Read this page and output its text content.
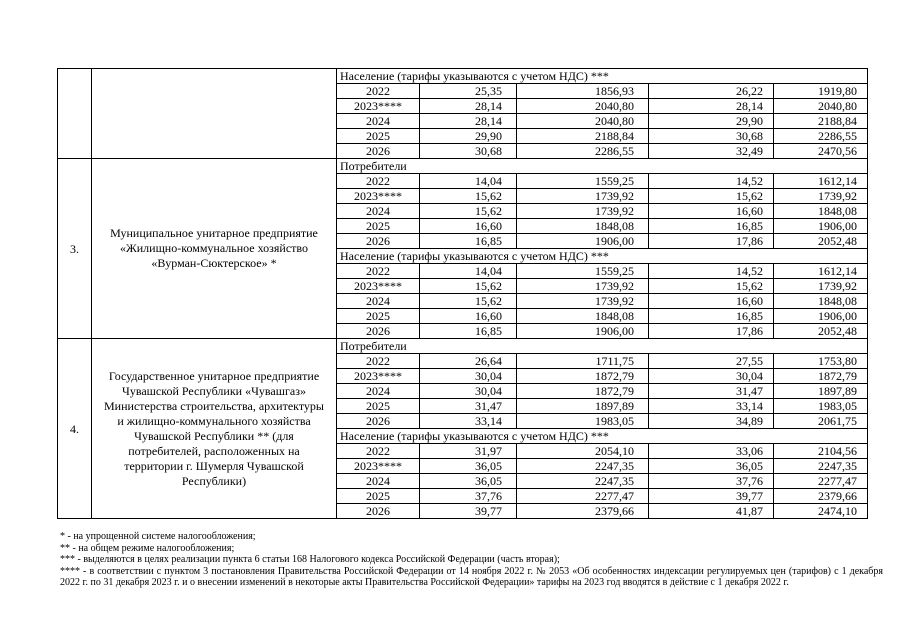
		Население (тарифы указываются с учетом НДС) ***				
		2022	25,35	1856,93	26,22	1919,80
		2023****	28,14	2040,80	28,14	2040,80
		2024	28,14	2040,80	29,90	2188,84
		2025	29,90	2188,84	30,68	2286,55
		2026	30,68	2286,55	32,49	2470,56
3.	Муниципальное унитарное предприятие «Жилищно-коммунальное хозяйство «Вурман-Сюктерское» *	Потребители				
		2022	14,04	1559,25	14,52	1612,14
		2023****	15,62	1739,92	15,62	1739,92
		2024	15,62	1739,92	16,60	1848,08
		2025	16,60	1848,08	16,85	1906,00
		2026	16,85	1906,00	17,86	2052,48
		Население (тарифы указываются с учетом НДС) ***				
		2022	14,04	1559,25	14,52	1612,14
		2023****	15,62	1739,92	15,62	1739,92
		2024	15,62	1739,92	16,60	1848,08
		2025	16,60	1848,08	16,85	1906,00
		2026	16,85	1906,00	17,86	2052,48
4.	Государственное унитарное предприятие Чувашской Республики «Чувашгаз» Министерства строительства, архитектуры и жилищно-коммунального хозяйства Чувашской Республики ** (для потребителей, расположенных на территории г. Шумерля Чувашской Республики)	Потребители				
		2022	26,64	1711,75	27,55	1753,80
		2023****	30,04	1872,79	30,04	1872,79
		2024	30,04	1872,79	31,47	1897,89
		2025	31,47	1897,89	33,14	1983,05
		2026	33,14	1983,05	34,89	2061,75
		Население (тарифы указываются с учетом НДС) ***				
		2022	31,97	2054,10	33,06	2104,56
		2023****	36,05	2247,35	36,05	2247,35
		2024	36,05	2247,35	37,76	2277,47
		2025	37,76	2277,47	39,77	2379,66
		2026	39,77	2379,66	41,87	2474,10
* - на упрощенной системе налогообложения;
** - на общем режиме налогообложения;
*** - выделяются в целях реализации пункта 6 статьи 168 Налогового кодекса Российской Федерации (часть вторая);
**** - в соответствии с пунктом 3 постановления Правительства Российской Федерации от 14 ноября 2022 г. № 2053 «Об особенностях индексации регулируемых цен (тарифов) с 1 декабря 2022 г. по 31 декабря 2023 г. и о внесении изменений в некоторые акты Правительства Российской Федерации» тарифы на 2023 год вводятся в действие с 1 декабря 2022 г.
